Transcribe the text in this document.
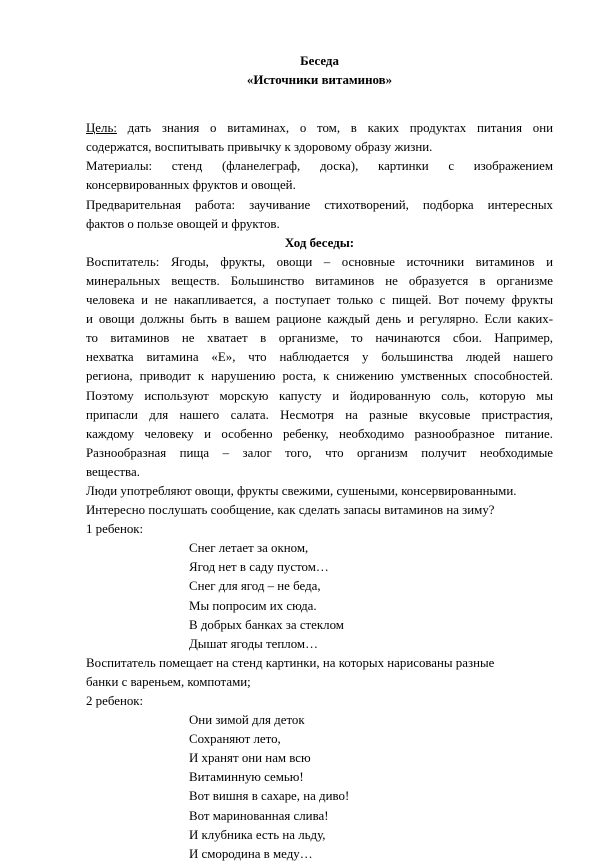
Беседа
«Источники витаминов»
Цель: дать знания о витаминах, о том, в каких продуктах питания они
содержатся, воспитывать привычку к здоровому образу жизни.
Материалы: стенд (фланелеграф, доска), картинки с изображением
консервированных фруктов и овощей.
Предварительная работа: заучивание стихотворений, подборка интересных
фактов о пользе овощей и фруктов.
Ход беседы:
Воспитатель: Ягоды, фрукты, овощи – основные источники витаминов и
минеральных веществ. Большинство витаминов не образуется в организме
человека и не накапливается, а поступает только с пищей. Вот почему фрукты
и овощи должны быть в вашем рационе каждый день и регулярно. Если каких-
то витаминов не хватает в организме, то начинаются сбои. Например,
нехватка витамина «Е», что наблюдается у большинства людей нашего
региона, приводит к нарушению роста, к снижению умственных способностей.
Поэтому используют морскую капусту и йодированную соль, которую мы
припасли для нашего салата. Несмотря на разные вкусовые пристрастия,
каждому человеку и особенно ребенку, необходимо разнообразное питание.
Разнообразная пища – залог того, что организм получит необходимые
вещества.
Люди употребляют овощи, фрукты свежими, сушеными, консервированными.
Интересно послушать сообщение, как сделать запасы витаминов на зиму?
1 ребенок:
Снег летает за окном,
Ягод нет в саду пустом…
Снег для ягод – не беда,
Мы попросим их сюда.
В добрых банках за стеклом
Дышат ягоды теплом…
Воспитатель помещает на стенд картинки, на которых нарисованы разные
банки с вареньем, компотами;
2 ребенок:
Они зимой для деток
Сохраняют лето,
И хранят они нам всю
Витаминную семью!
Вот вишня в сахаре, на диво!
Вот маринованная слива!
И клубника есть на льду,
И смородина в меду…
